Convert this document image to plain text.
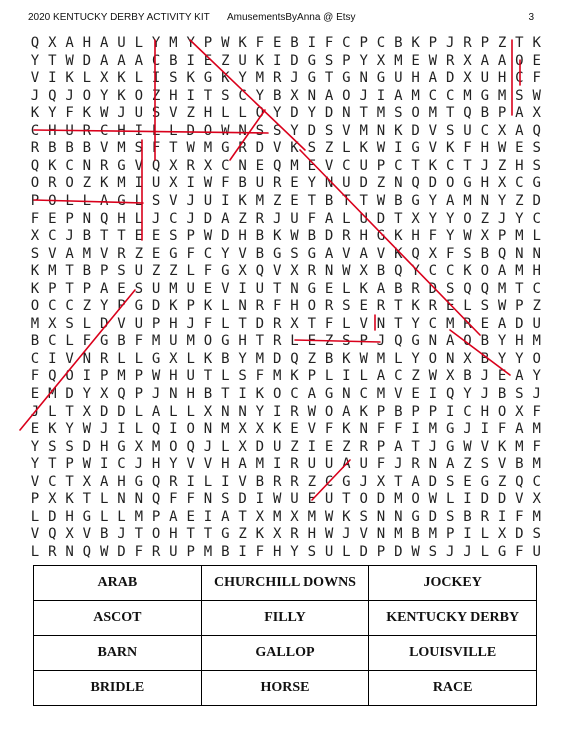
2020 KENTUCKY DERBY ACTIVITY KIT AmusementsByAnna @ Etsy	3
Q X A H A U L Y M Y P W K F E B I F C P C B K P J R P Z T K
Y T W D A A A C B I E Z U K I D G S P Y X M E W R X A A O E
V I K L X K L I S K G K Y M R J G T G N G U H A D X U H C F
J Q J O Y K O Z H I T S C Y B X N A O J I A M C C M G M S W
K Y F K W J U S V Z H L L O Y D Y D N T M S O M T Q B P A X
C H U R C H I L L D O W N S S Y D S V M N K D V S U C X A Q
R B B B V M S F T W M G R D V K S Z L K W I G V K F H W E S
Q K C N R G V Q X R X C N E Q M E V C U P C T K C T J Z H S
O R O Z K M I U X I W F B U R E Y N U D Z N Q D O G H X C G
P O L L A G L S V J U I K M Z E T B T T W B G Y A M N Y Z D
F E P N Q H L J C J D A Z R J U F A L U D T X Y Y O Z J Y C
X C J B T T E E S P W D H B K W B D R H G K H F Y W X P M L
S V A M V R Z E G F C Y V B G S G A V A V K Q X F S B Q N N
K M T B P S U Z Z L F G X Q V X R N W X B Q Y C C K O A M H
K P T P A E S U M U E V I U T N G E L K A B R D S Q Q M T C
O C C Z Y P G D K P K L N R F H O R S E R T K R E L S W P Z
M X S L D V U P H J F L T D R X T F L V N T Y C M R E A D U
B C L F G B F M U M O G H T R L E Z S P J Q G N A O B Y H M
C I V N R L L G X L K B Y M D Q Z B K W M L Y O N X B Y Y O
F Q O I P M P W H U T L S F M K P L I L A C Z W X B J E A Y
E M D Y X Q P J N H B T I K O C A G N C M V E I Q Y J B S J
J L T X D D L A L L X N N Y I R W O A K P B P P I C H O X F
E K Y W J I L Q I O N M X X K E V F K N F F I M G J I F A M
Y S S D H G X M O Q J L X D U Z I E Z R P A T J G W V K M F
Y T P W I C J H Y V V H A M I R U U A U F J R N A Z S V B M
V C T X A H G Q R I L I V B R R Z C G J X T A D S E G Z Q C
P X K T L N N Q F F N S D I W U E U T O D M O W L I D D V X
L D H G L L M P A E I A T X M X M W K S N N G D S B R I F M
V Q X V B J T O H T T G Z K X R H W J V N M B M P I L X D S
L R N Q W D F R U P M B I F H Y S U L D P D W S J J L G F U
ARAB	CHURCHILL DOWNS	JOCKEY
ASCOT	FILLY	KENTUCKY DERBY
BARN	GALLOP	LOUISVILLE
BRIDLE	HORSE	RACE
